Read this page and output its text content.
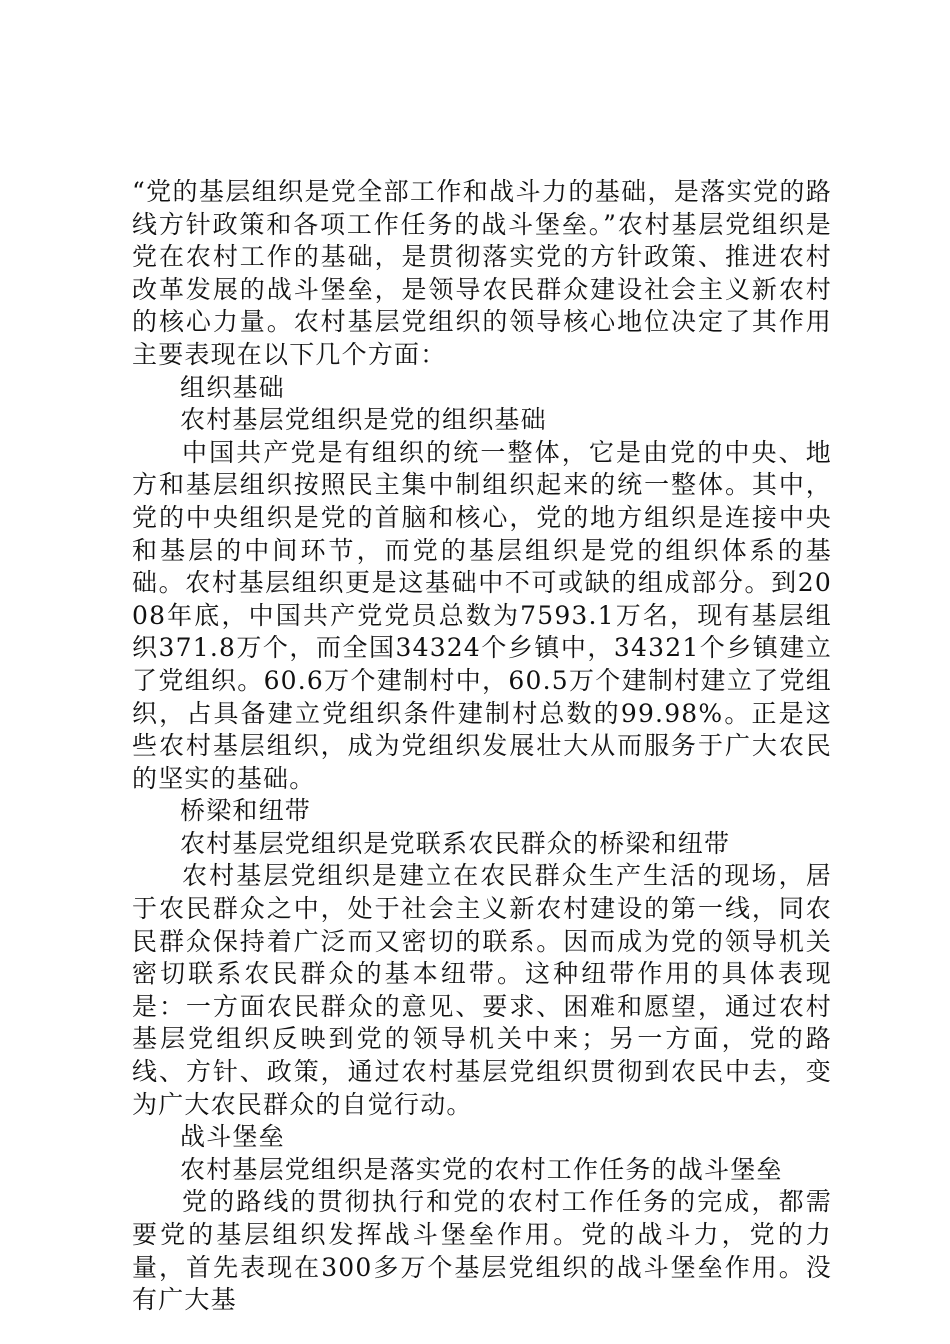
“党的基层组织是党全部工作和战斗力的基础，是落实党的路线方针政策和各项工作任务的战斗堡垒。”农村基层党组织是党在农村工作的基础，是贯彻落实党的方针政策、推进农村改革发展的战斗堡垒，是领导农民群众建设社会主义新农村的核心力量。农村基层党组织的领导核心地位决定了其作用主要表现在以下几个方面：

组织基础

农村基层党组织是党的组织基础

中国共产党是有组织的统一整体，它是由党的中央、地方和基层组织按照民主集中制组织起来的统一整体。其中，党的中央组织是党的首脑和核心，党的地方组织是连接中央和基层的中间环节，而党的基层组织是党的组织体系的基础。农村基层组织更是这基础中不可或缺的组成部分。到2008年底，中国共产党党员总数为7593.1万名，现有基层组织371.8万个，而全国34324个乡镇中，34321个乡镇建立了党组织。60.6万个建制村中，60.5万个建制村建立了党组织，占具备建立党组织条件建制村总数的99.98%。正是这些农村基层组织，成为党组织发展壮大从而服务于广大农民的坚实的基础。

桥梁和纽带

农村基层党组织是党联系农民群众的桥梁和纽带

农村基层党组织是建立在农民群众生产生活的现场，居于农民群众之中，处于社会主义新农村建设的第一线，同农民群众保持着广泛而又密切的联系。因而成为党的领导机关密切联系农民群众的基本纽带。这种纽带作用的具体表现是：一方面农民群众的意见、要求、困难和愿望，通过农村基层党组织反映到党的领导机关中来；另一方面，党的路线、方针、政策，通过农村基层党组织贯彻到农民中去，变为广大农民群众的自觉行动。

战斗堡垒

农村基层党组织是落实党的农村工作任务的战斗堡垒

党的路线的贯彻执行和党的农村工作任务的完成，都需要党的基层组织发挥战斗堡垒作用。党的战斗力，党的力量，首先表现在300多万个基层党组织的战斗堡垒作用。没有广大基
